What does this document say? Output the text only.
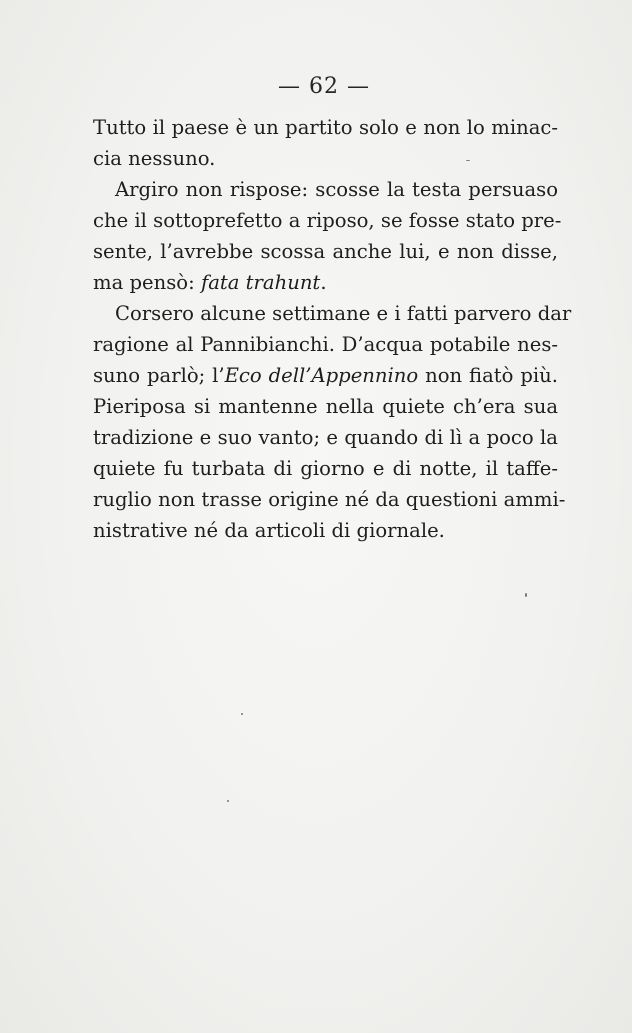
— 62 —

Tutto il paese è un partito solo e non lo minac-
cia nessuno.

Argiro non rispose: scosse la testa persuaso
che il sottoprefetto a riposo, se fosse stato pre-
sente, l’avrebbe scossa anche lui, e non disse,
ma pensò: fata trahunt.

Corsero alcune settimane e i fatti parvero dar
ragione al Pannibianchi. D’acqua potabile nes-
suno parlò; l’Eco dell’Appennino non fiatò più.
Pieriposa si mantenne nella quiete ch’era sua
tradizione e suo vanto; e quando di lì a poco la
quiete fu turbata di giorno e di notte, il taffe-
ruglio non trasse origine né da questioni ammi-
nistrative né da articoli di giornale.
